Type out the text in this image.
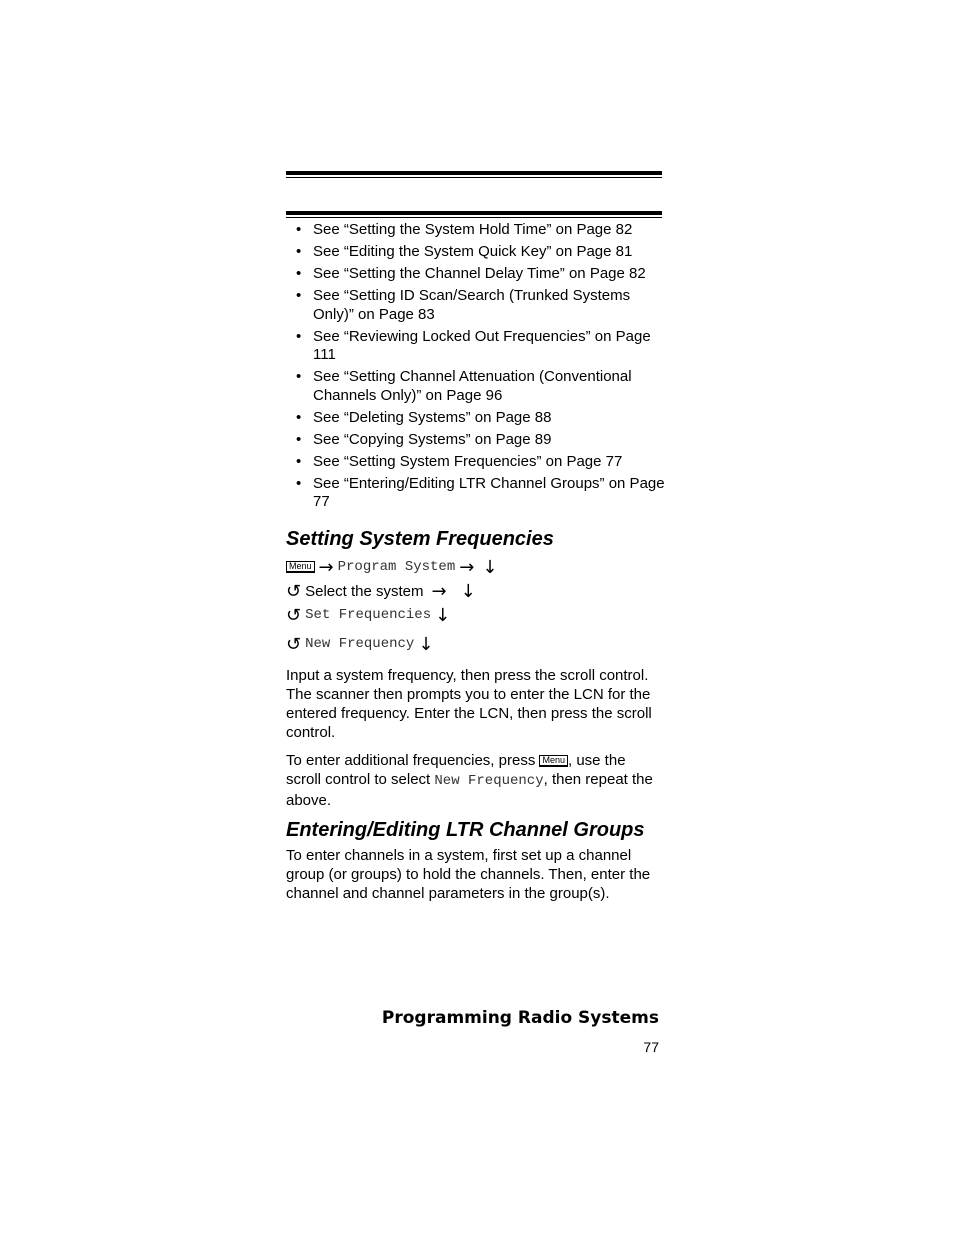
• See “Setting the System Hold Time” on Page 82
• See “Editing the System Quick Key” on Page 81
• See “Setting the Channel Delay Time” on Page 82
• See “Setting ID Scan/Search (Trunked Systems Only)” on Page 83
• See “Reviewing Locked Out Frequencies” on Page 111
• See “Setting Channel Attenuation (Conventional Channels Only)” on Page 96
• See “Deleting Systems” on Page 88
• See “Copying Systems” on Page 89
• See “Setting System Frequencies” on Page 77
• See “Entering/Editing LTR Channel Groups” on Page 77
Setting System Frequencies
Menu → Program System → ↓
↺ Select the system → ↓
↺ Set Frequencies ↓
↺ New Frequency ↓

Input a system frequency, then press the scroll control. The scanner then prompts you to enter the LCN for the entered frequency. Enter the LCN, then press the scroll control.

To enter additional frequencies, press Menu , use the scroll control to select New Frequency, then repeat the above.

Entering/Editing LTR Channel Groups

To enter channels in a system, first set up a channel group (or groups) to hold the channels. Then, enter the channel and channel parameters in the group(s).

Programming Radio Systems
77
